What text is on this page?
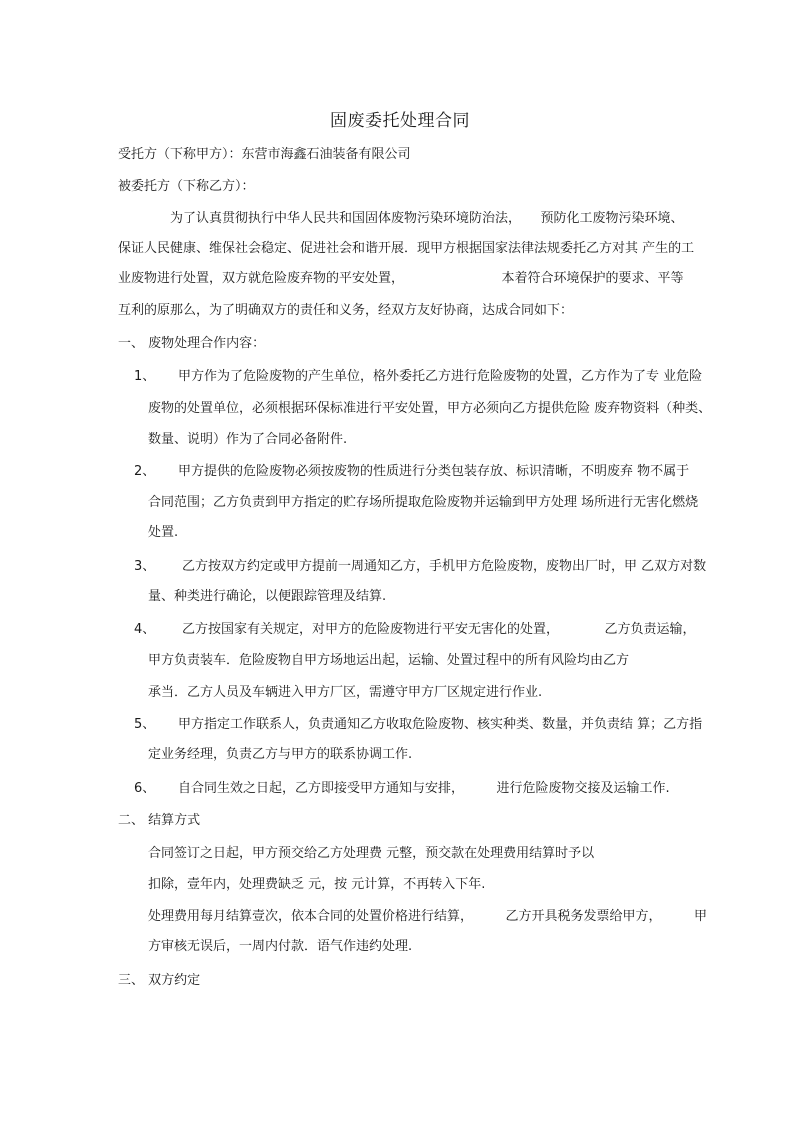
固废委托处理合同
受托方（下称甲方）：东营市海鑫石油装备有限公司
被委托方（下称乙方）：
为了认真贯彻执行中华人民共和国固体废物污染环境防治法，　　预防化工废物污染环境、
保证人民健康、维保社会稳定、促进社会和谐开展．现甲方根据国家法律法规委托乙方对其 产生的工
业废物进行处置，双方就危险废弃物的平安处置，　　　　　　　　本着符合环境保护的要求、平等
互利的原那么，为了明确双方的责任和义务，经双方友好协商，达成合同如下：
一、 废物处理合作内容：
1、 甲方作为了危险废物的产生单位，格外委托乙方进行危险废物的处置，乙方作为了专 业危险
废物的处置单位，必须根据环保标准进行平安处置，甲方必须向乙方提供危险 废弃物资料（种类、
数量、说明）作为了合同必备附件.
2、 甲方提供的危险废物必须按废物的性质进行分类包装存放、标识清晰，不明废弃 物不属于
合同范围；乙方负责到甲方指定的贮存场所提取危险废物并运输到甲方处理 场所进行无害化燃烧
处置.
3、 乙方按双方约定或甲方提前一周通知乙方，手机甲方危险废物，废物出厂时，甲 乙双方对数
量、种类进行确论，以便跟踪管理及结算.
4、 乙方按国家有关规定，对甲方的危险废物进行平安无害化的处置，　　　　乙方负责运输，
甲方负责装车．危险废物自甲方场地运出起，运输、处置过程中的所有风险均由乙方
承当．乙方人员及车辆进入甲方厂区，需遵守甲方厂区规定进行作业.
5、 甲方指定工作联系人，负责通知乙方收取危险废物、核实种类、数量，并负责结 算；乙方指
定业务经理，负责乙方与甲方的联系协调工作.
6、 自合同生效之日起，乙方即接受甲方通知与安排，　　　进行危险废物交接及运输工作.
二、 结算方式
合同签订之日起，甲方预交给乙方处理费 元整，预交款在处理费用结算时予以
扣除，壹年内，处理费缺乏 元，按 元计算，不再转入下年.
处理费用每月结算壹次，依本合同的处置价格进行结算，　　　乙方开具税务发票给甲方，　　　甲
方审核无误后，一周内付款．语气作违约处理.
三、 双方约定
